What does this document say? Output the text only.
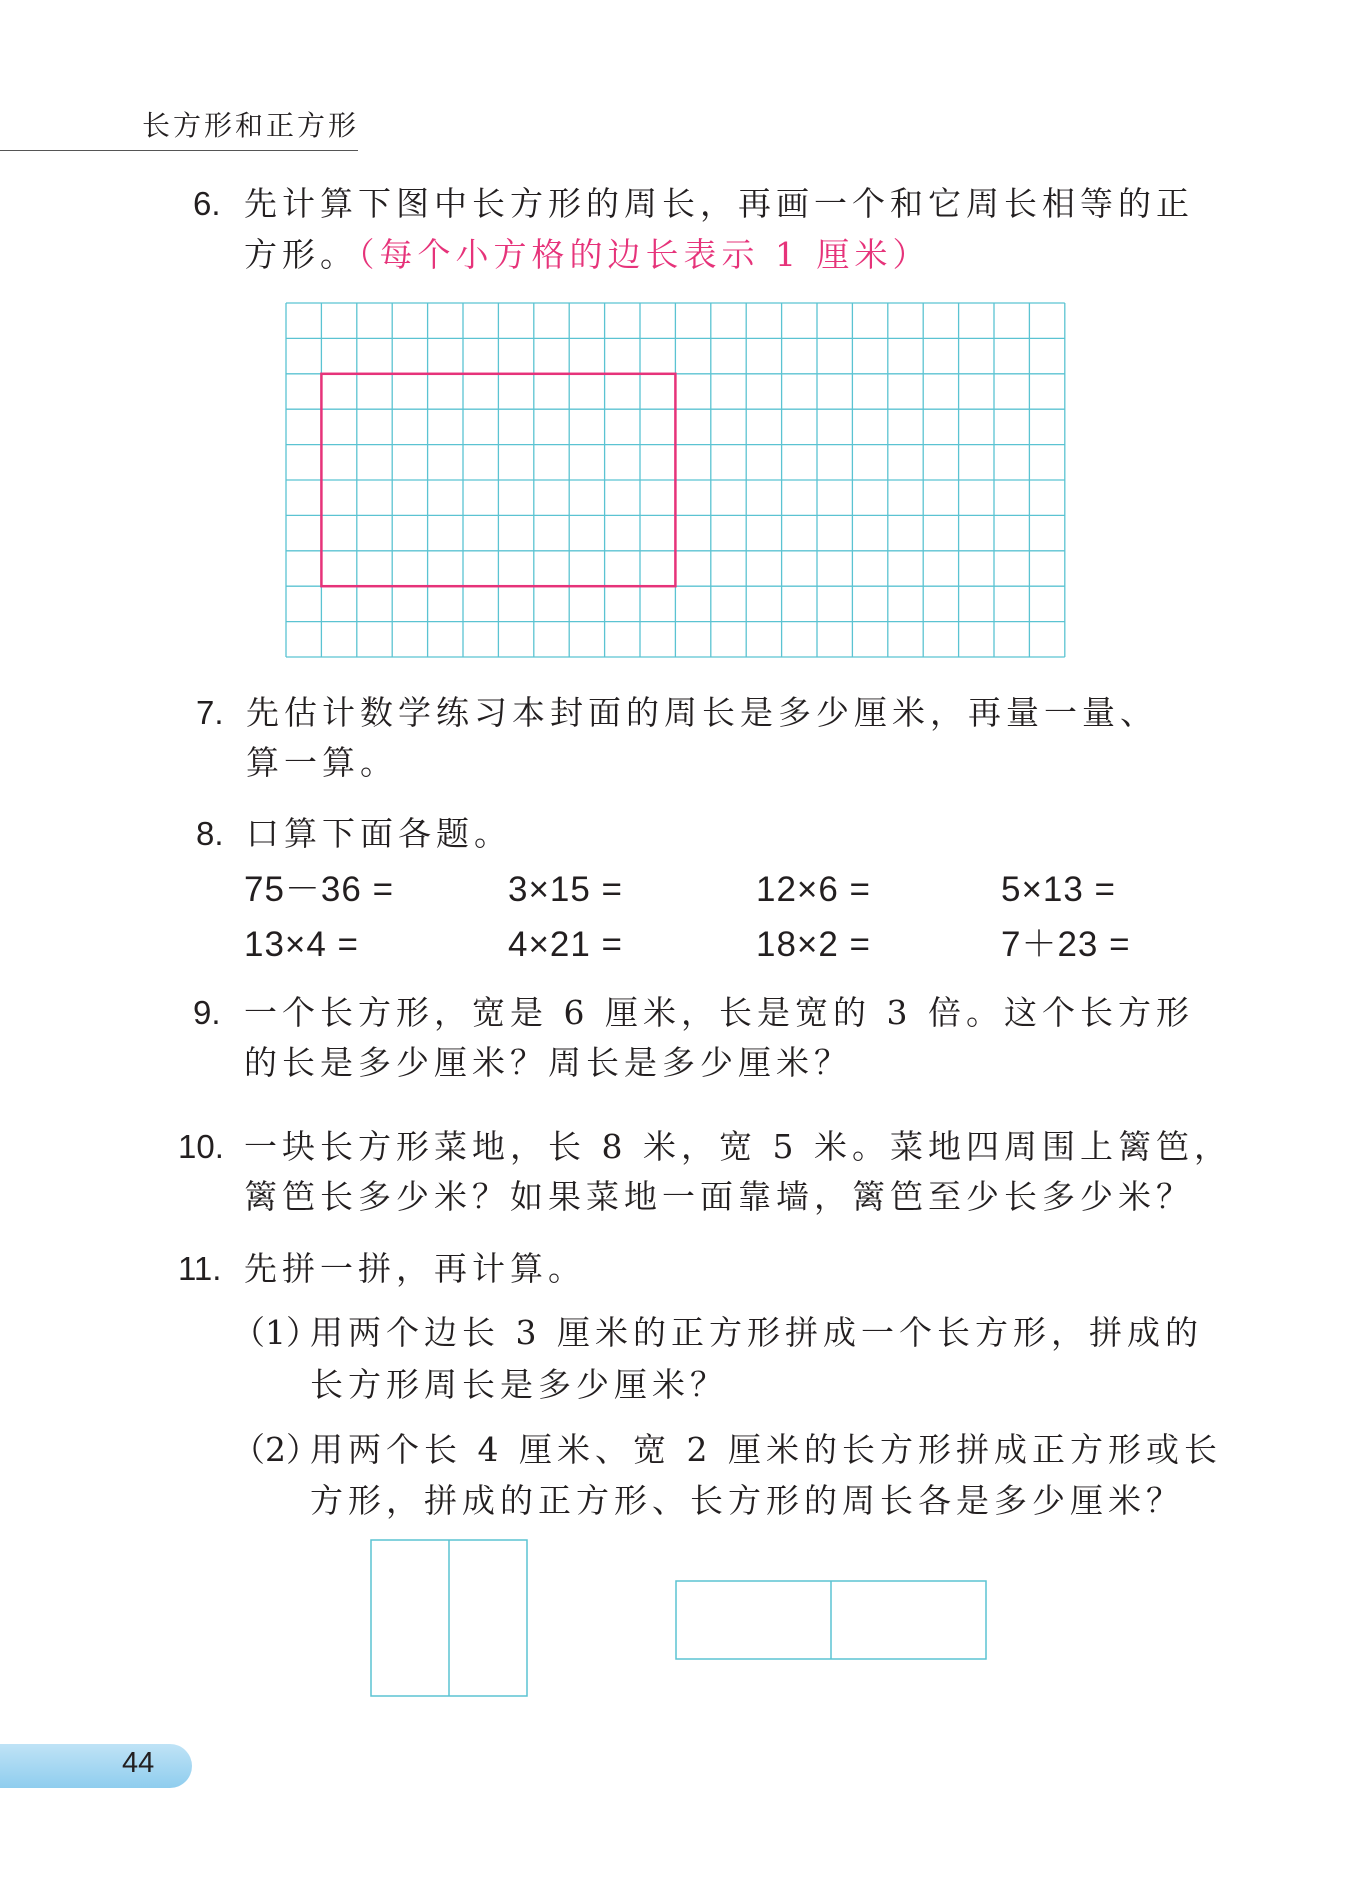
长方形和正方形
6. 先计算下图中长方形的周长，再画一个和它周长相等的正
方形。（每个小方格的边长表示 1 厘米）
7. 先估计数学练习本封面的周长是多少厘米，再量一量、
算一算。
8. 口算下面各题。
75－36 =	3×15 =	12×6 =	5×13 =
13×4 =	4×21 =	18×2 =	7＋23 =
9. 一个长方形，宽是 6 厘米，长是宽的 3 倍。这个长方形
的长是多少厘米？周长是多少厘米？
10. 一块长方形菜地，长 8 米，宽 5 米。菜地四周围上篱笆，
篱笆长多少米？如果菜地一面靠墙，篱笆至少长多少米？
11. 先拼一拼，再计算。
（1）
用两个边长 3 厘米的正方形拼成一个长方形，拼成的
长方形周长是多少厘米？
（2）
用两个长 4 厘米、宽 2 厘米的长方形拼成正方形或长
方形，拼成的正方形、长方形的周长各是多少厘米？
44
